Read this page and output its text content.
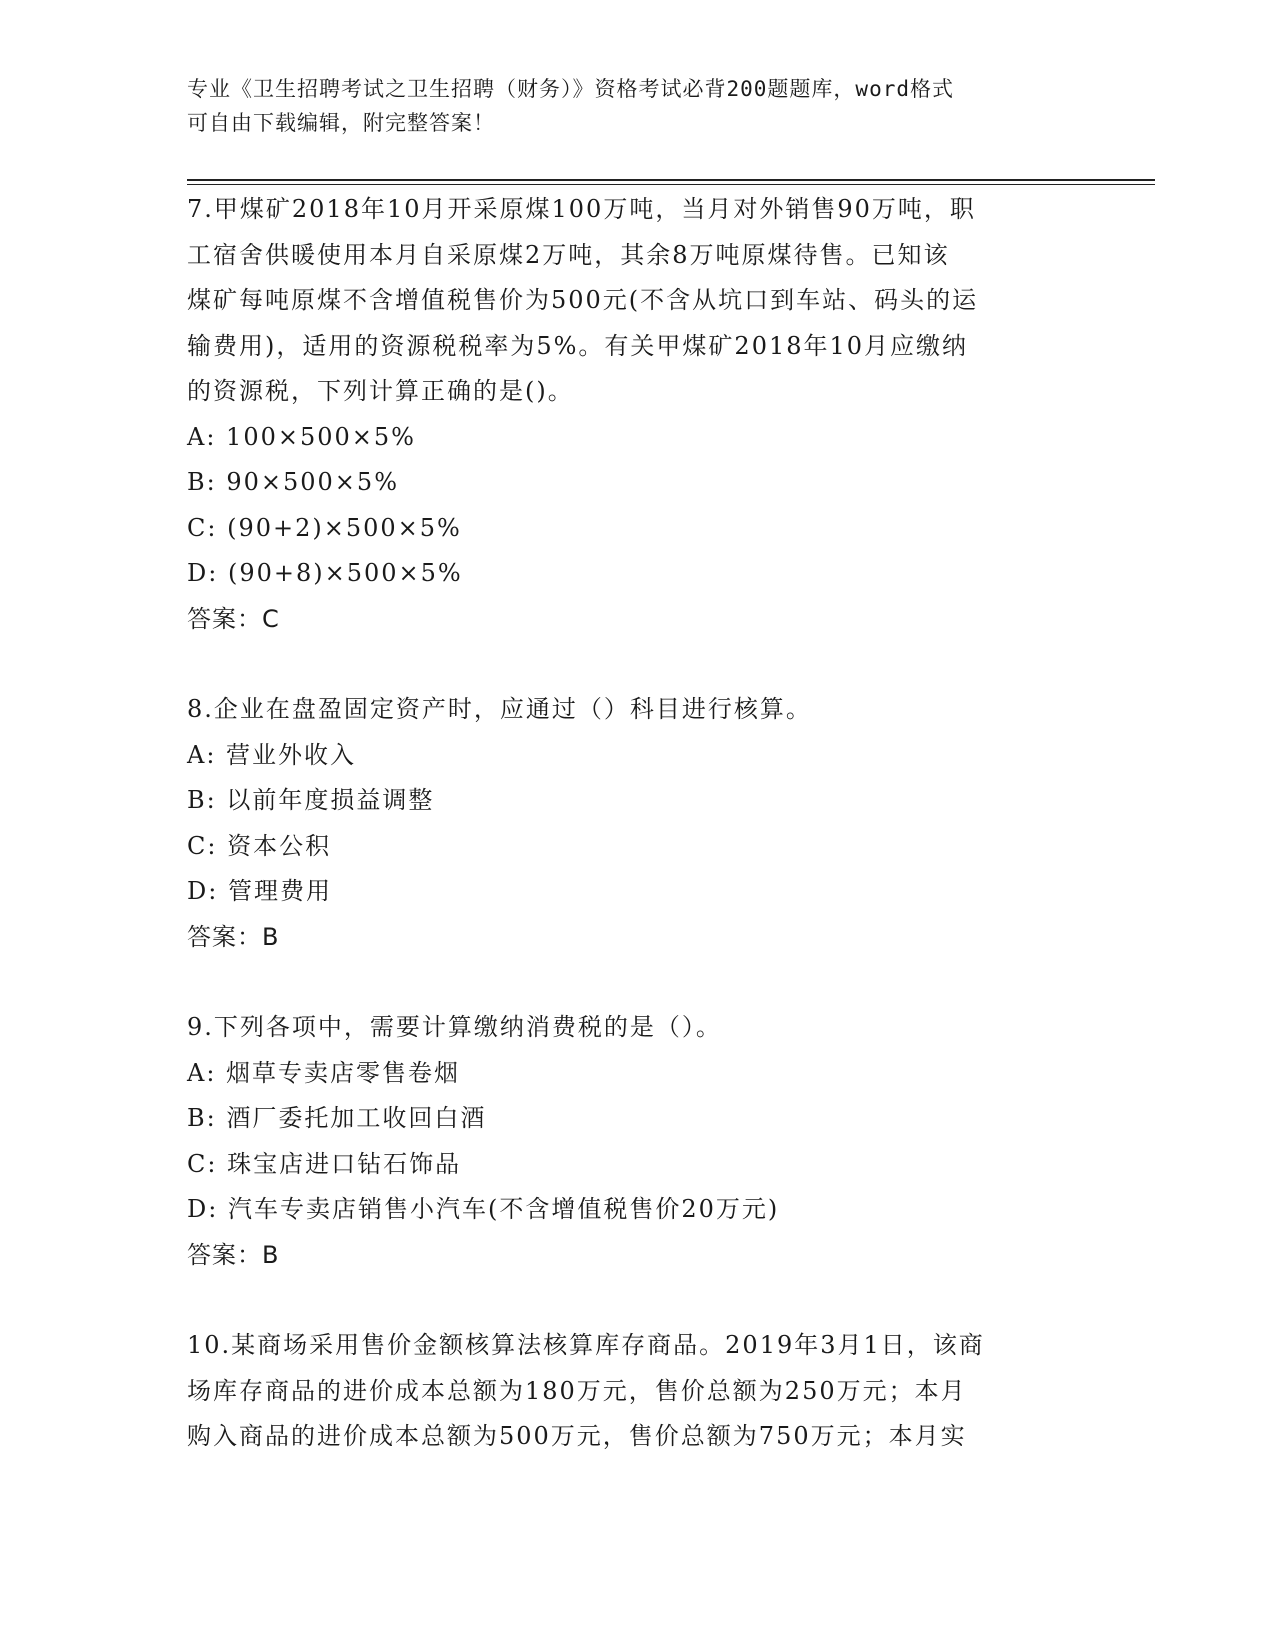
专业《卫生招聘考试之卫生招聘（财务）》资格考试必背200题题库，word格式
可自由下载编辑，附完整答案！
7.甲煤矿2018年10月开采原煤100万吨，当月对外销售90万吨，职
工宿舍供暖使用本月自采原煤2万吨，其余8万吨原煤待售。已知该
煤矿每吨原煤不含增值税售价为500元(不含从坑口到车站、码头的运
输费用)，适用的资源税税率为5%。有关甲煤矿2018年10月应缴纳
的资源税，下列计算正确的是()。
A: 100×500×5%
B: 90×500×5%
C: (90+2)×500×5%
D: (90+8)×500×5%
答案：C
8.企业在盘盈固定资产时，应通过（）科目进行核算。
A: 营业外收入
B: 以前年度损益调整
C: 资本公积
D: 管理费用
答案：B
9.下列各项中，需要计算缴纳消费税的是（）。
A: 烟草专卖店零售卷烟
B: 酒厂委托加工收回白酒
C: 珠宝店进口钻石饰品
D: 汽车专卖店销售小汽车(不含增值税售价20万元)
答案：B
10.某商场采用售价金额核算法核算库存商品。2019年3月1日，该商
场库存商品的进价成本总额为180万元，售价总额为250万元；本月
购入商品的进价成本总额为500万元，售价总额为750万元；本月实
